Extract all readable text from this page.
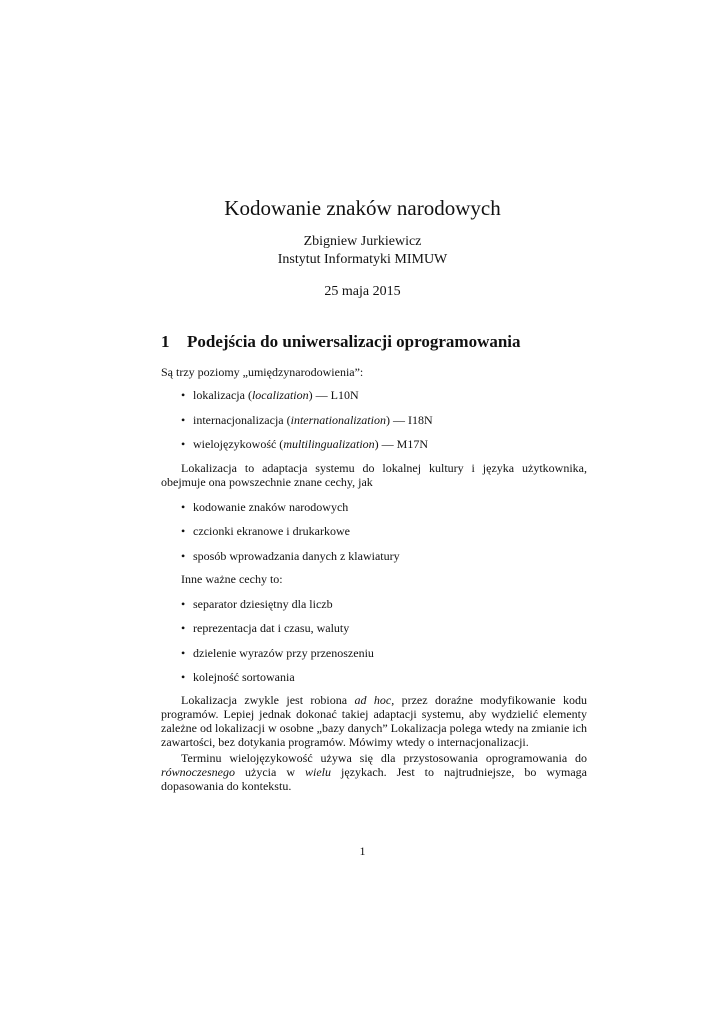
Kodowanie znaków narodowych
Zbigniew Jurkiewicz
Instytut Informatyki MIMUW
25 maja 2015
1 Podejścia do uniwersalizacji oprogramowania

Są trzy poziomy „umiędzynarodowienia”:

• lokalizacja (localization) — L10N
• internacjonalizacja (internationalization) — I18N
• wielojęzykowość (multilingualization) — M17N

Lokalizacja to adaptacja systemu do lokalnej kultury i języka użytkownika, obejmuje ona powszechnie znane cechy, jak

• kodowanie znaków narodowych
• czcionki ekranowe i drukarkowe
• sposób wprowadzania danych z klawiatury

Inne ważne cechy to:

• separator dziesiętny dla liczb
• reprezentacja dat i czasu, waluty
• dzielenie wyrazów przy przenoszeniu
• kolejność sortowania

Lokalizacja zwykle jest robiona ad hoc, przez doraźne modyfikowanie kodu programów. Lepiej jednak dokonać takiej adaptacji systemu, aby wydzielić elementy zależne od lokalizacji w osobne „bazy danych” Lokalizacja polega wtedy na zmianie ich zawartości, bez dotykania programów. Mówimy wtedy o internacjonalizacji.

Terminu wielojęzykowość używa się dla przystosowania oprogramowania do równoczesnego użycia w wielu językach. Jest to najtrudniejsze, bo wymaga dopasowania do kontekstu.

1
